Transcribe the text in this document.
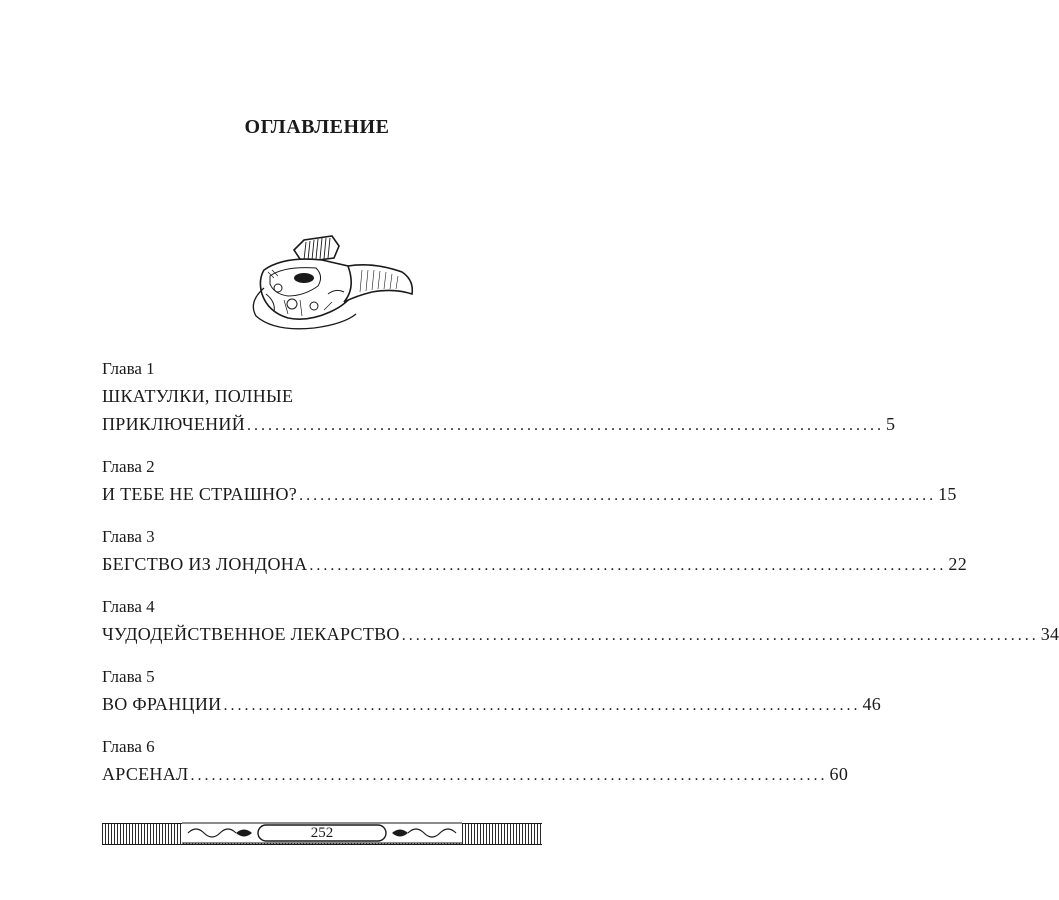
ОГЛАВЛЕНИЕ

Глава 1

ШКАТУЛКИ, ПОЛНЫЕ

ПРИКЛЮЧЕНИЙ ........................................................................................... 5

Глава 2

И ТЕБЕ НЕ СТРАШНО? ........................................................................................... 15

Глава 3

БЕГСТВО ИЗ ЛОНДОНА ........................................................................................... 22

Глава 4

ЧУДОДЕЙСТВЕННОЕ ЛЕКАРСТВО ........................................................................................... 34

Глава 5

ВО ФРАНЦИИ ........................................................................................... 46

Глава 6

АРСЕНАЛ ........................................................................................... 60
252
